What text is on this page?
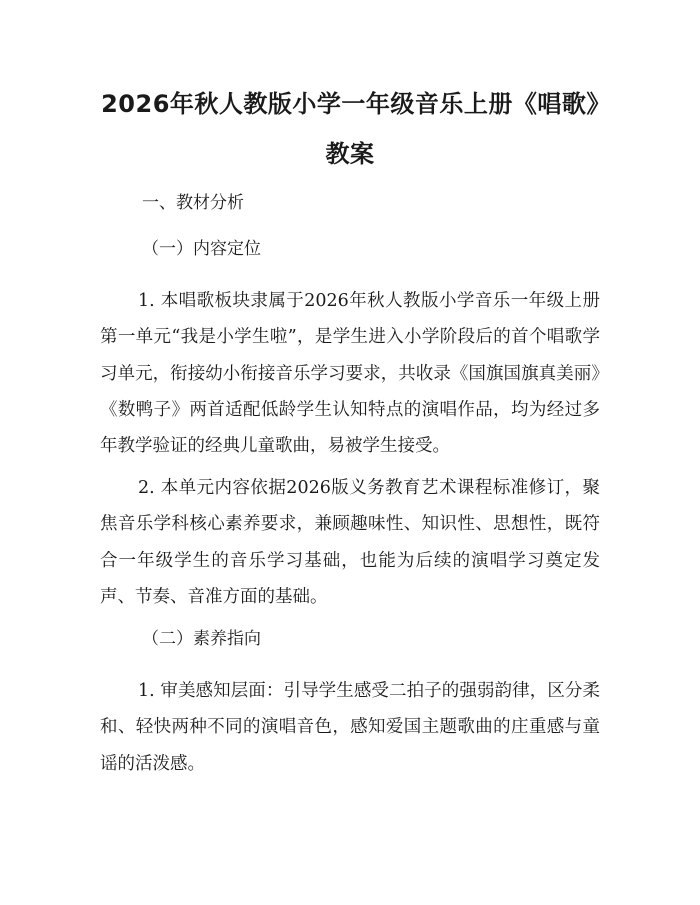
2026年秋人教版小学一年级音乐上册《唱歌》教案

一、教材分析

（一）内容定位

1. 本唱歌板块隶属于2026年秋人教版小学音乐一年级上册第一单元“我是小学生啦”，是学生进入小学阶段后的首个唱歌学习单元，衔接幼小衔接音乐学习要求，共收录《国旗国旗真美丽》《数鸭子》两首适配低龄学生认知特点的演唱作品，均为经过多年教学验证的经典儿童歌曲，易被学生接受。

2. 本单元内容依据2026版义务教育艺术课程标准修订，聚焦音乐学科核心素养要求，兼顾趣味性、知识性、思想性，既符合一年级学生的音乐学习基础，也能为后续的演唱学习奠定发声、节奏、音准方面的基础。

（二）素养指向

1. 审美感知层面：引导学生感受二拍子的强弱韵律，区分柔和、轻快两种不同的演唱音色，感知爱国主题歌曲的庄重感与童谣的活泼感。
